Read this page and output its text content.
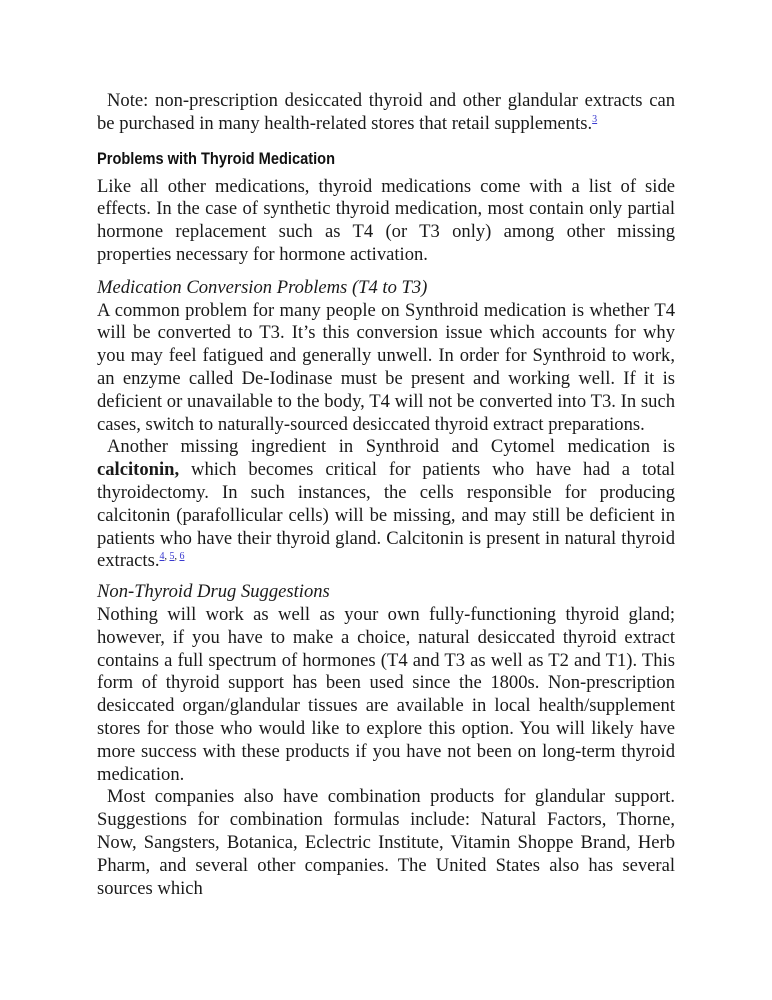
Note: non-prescription desiccated thyroid and other glandular extracts can be purchased in many health-related stores that retail supplements.$^3$

Problems with Thyroid Medication

Like all other medications, thyroid medications come with a list of side effects. In the case of synthetic thyroid medication, most contain only partial hormone replacement such as T4 (or T3 only) among other missing properties necessary for hormone activation.

Medication Conversion Problems (T4 to T3)

A common problem for many people on Synthroid medication is whether T4 will be converted to T3. It’s this conversion issue which accounts for why you may feel fatigued and generally unwell. In order for Synthroid to work, an enzyme called De-Iodinase must be present and working well. If it is deficient or unavailable to the body, T4 will not be converted into T3. In such cases, switch to naturally-sourced desiccated thyroid extract preparations.

Another missing ingredient in Synthroid and Cytomel medication is calcitonin, which becomes critical for patients who have had a total thyroidectomy. In such instances, the cells responsible for producing calcitonin (parafollicular cells) will be missing, and may still be deficient in patients who have their thyroid gland. Calcitonin is present in natural thyroid extracts.$^{4, 5, 6}$

Non-Thyroid Drug Suggestions

Nothing will work as well as your own fully-functioning thyroid gland; however, if you have to make a choice, natural desiccated thyroid extract contains a full spectrum of hormones (T4 and T3 as well as T2 and T1). This form of thyroid support has been used since the 1800s. Non-prescription desiccated organ/glandular tissues are available in local health/supplement stores for those who would like to explore this option. You will likely have more success with these products if you have not been on long-term thyroid medication.

Most companies also have combination products for glandular support. Suggestions for combination formulas include: Natural Factors, Thorne, Now, Sangsters, Botanica, Eclectric Institute, Vitamin Shoppe Brand, Herb Pharm, and several other companies. The United States also has several sources which
